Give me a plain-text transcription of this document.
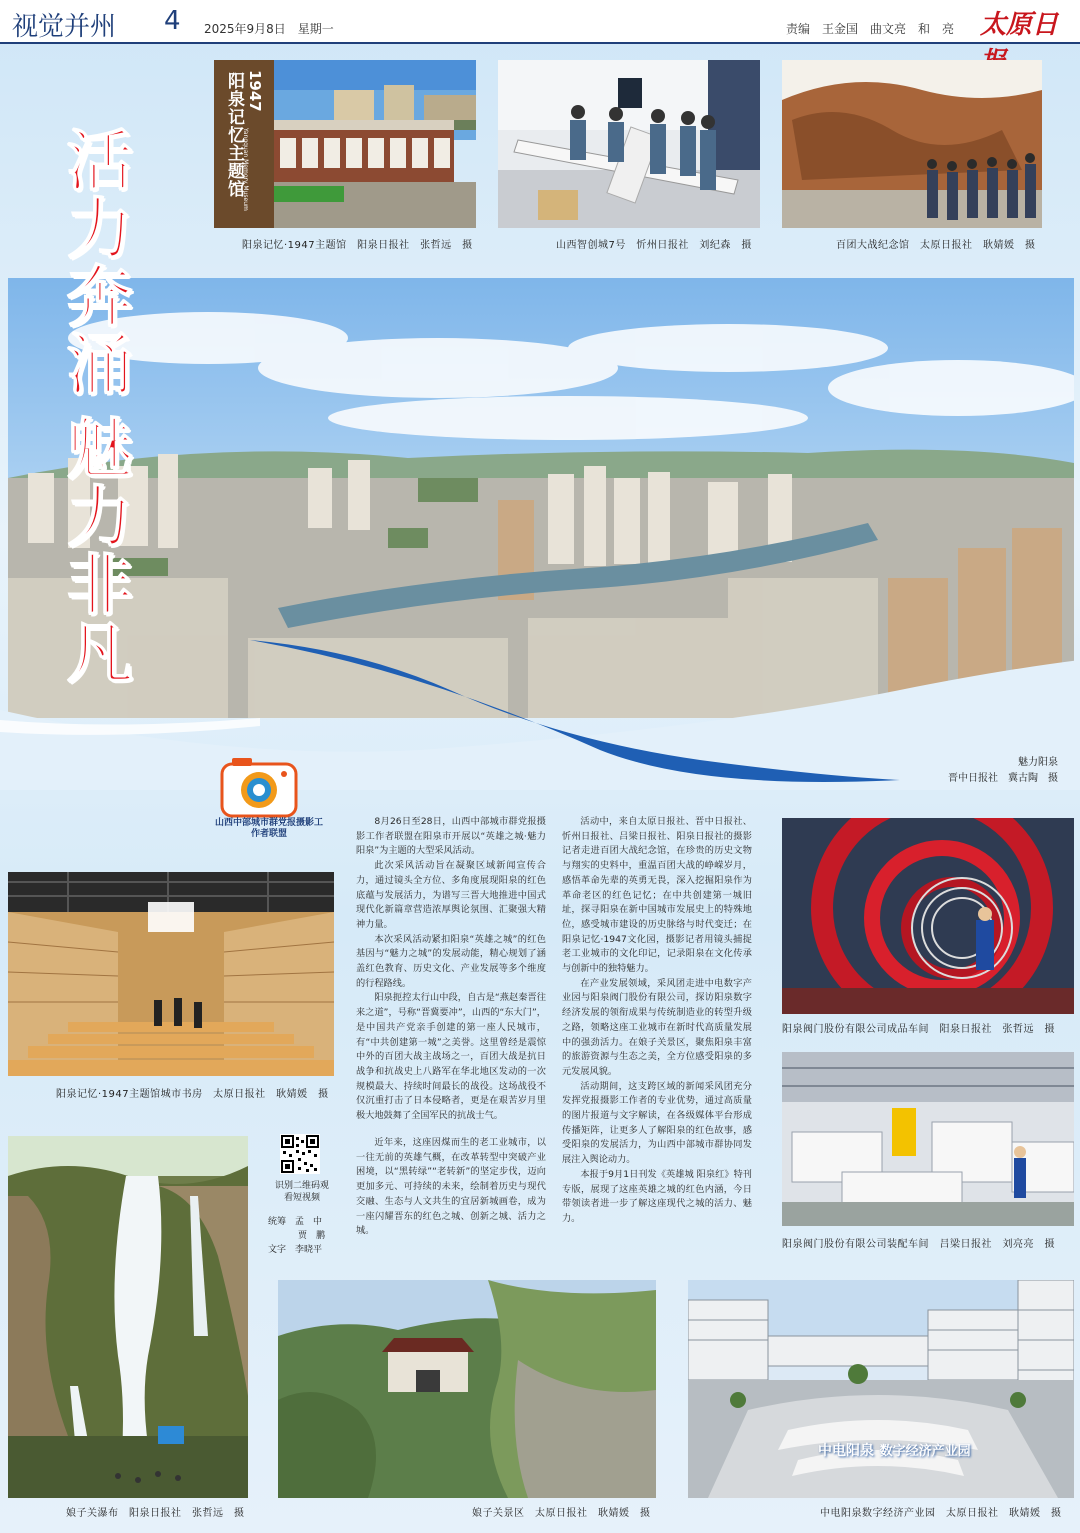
视觉并州 4 2025年9月8日　星期一	责编　王金国　曲文亮　和　亮 太原日
1947
阳泉记忆主题馆
Yangquan Memory Museum
阳泉记忆·1947主题馆　阳泉日报社　张哲远　摄	山西智创城7号　忻州日报社　刘纪森　摄	百团大战纪念馆　太原日报社　耿婧媛　摄
活
力
奔
涌
魅
力
非
凡
魅力阳泉
晋中日报社　冀古陶　摄
山西中部城市群党报摄影工作者联盟

8月26日至28日，山西中部城市群党报摄影工作者联盟在阳泉市开展以“英雄之城·魅力阳泉”为主题的大型采风活动。

此次采风活动旨在凝聚区域新闻宣传合力，通过镜头全方位、多角度展现阳泉的红色底蕴与发展活力，为谱写三晋大地推进中国式现代化新篇章营造浓厚舆论氛围、汇聚强大精神力量。

本次采风活动紧扣阳泉“英雄之城”的红色基因与“魅力之城”的发展动能，精心规划了涵盖红色教育、历史文化、产业发展等多个维度的行程路线。

阳泉扼控太行山中段，自古是“燕赵秦晋往来之道”，号称“晋冀要冲”，山西的“东大门”，是中国共产党亲手创建的第一座人民城市，有“中共创建第一城”之美誉。这里曾经是震惊中外的百团大战主战场之一，百团大战是抗日战争和抗战史上八路军在华北地区发动的一次规模最大、持续时间最长的战役。这场战役不仅沉重打击了日本侵略者，更是在艰苦岁月里极大地鼓舞了全国军民的抗战士气。

近年来，这座因煤而生的老工业城市，以一往无前的英雄气概，在改革转型中突破产业困境，以“黑转绿”“老转新”的坚定步伐，迈向更加多元、可持续的未来，绘制着历史与现代交融、生态与人文共生的宜居新城画卷，成为一座闪耀晋东的红色之城、创新之城、活力之城。

活动中，来自太原日报社、晋中日报社、忻州日报社、吕梁日报社、阳泉日报社的摄影记者走进百团大战纪念馆，在珍贵的历史文物与翔实的史料中，重温百团大战的峥嵘岁月，感悟革命先辈的英勇无畏，深入挖掘阳泉作为革命老区的红色记忆；在中共创建第一城旧址，探寻阳泉在新中国城市发展史上的特殊地位，感受城市建设的历史脉络与时代变迁；在阳泉记忆·1947文化园，摄影记者用镜头捕捉老工业城市的文化印记，记录阳泉在文化传承与创新中的独特魅力。

在产业发展领域，采风团走进中电数字产业园与阳泉阀门股份有限公司，探访阳泉数字经济发展的领衔成果与传统制造业的转型升级之路，领略这座工业城市在新时代高质量发展中的强劲活力。在娘子关景区，聚焦阳泉丰富的旅游资源与生态之美，全方位感受阳泉的多元发展风貌。

活动期间，这支跨区域的新闻采风团充分发挥党报摄影工作者的专业优势，通过高质量的图片报道与文字解读，在各级媒体平台形成传播矩阵，让更多人了解阳泉的红色故事，感受阳泉的发展活力，为山西中部城市群协同发展注入舆论动力。

本报于9月1日刊发《英雄城 阳泉红》特刊专版，展现了这座英雄之城的红色内涵，今日带领读者进一步了解这座现代之城的活力、魅力。

阳泉记忆·1947主题馆城市书房　太原日报社　耿婧媛　摄
阳泉阀门股份有限公司成品车间　阳泉日报社　张哲远　摄
阳泉阀门股份有限公司装配车间　吕梁日报社　刘亮亮　摄
识别二维码观看短视频
统筹　 孟　中
贾　鹏
文字　 李晓平
娘子关瀑布　阳泉日报社　张哲远　摄	娘子关景区　太原日报社　耿婧媛　摄
中电阳泉 数字经济产业园
中电阳泉数字经济产业园　太原日报社　耿婧媛　摄
